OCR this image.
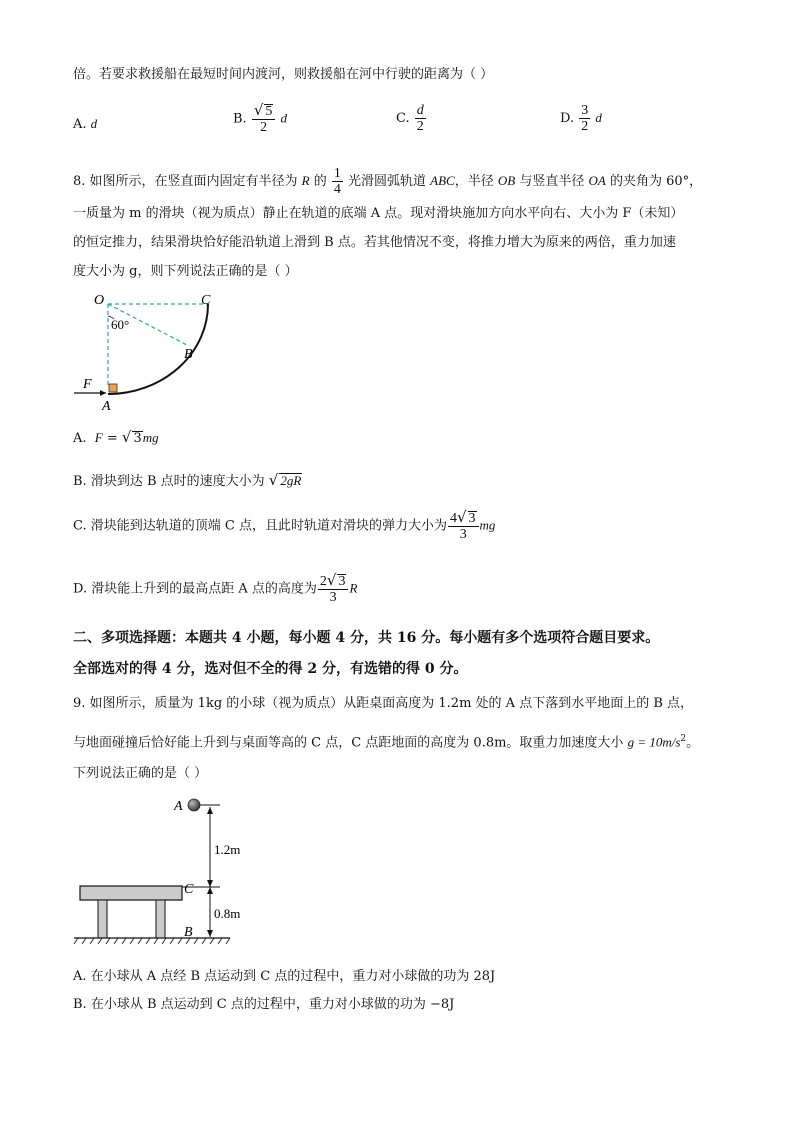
倍。若要求救援船在最短时间内渡河，则救援船在河中行驶的距离为（ ）
A. d	B. $\frac{√ 5}{2}$ d	C. $\frac{d}{2}$	D. $\frac{3}{2}$ d
8. 如图所示，在竖直面内固定有半径为 R 的 $\frac{1}{4}$ 光滑圆弧轨道 ABC，半径 OB 与竖直半径 OA 的夹角为 60°，
一质量为 m 的滑块（视为质点）静止在轨道的底端 A 点。现对滑块施加方向水平向右、大小为 F（未知）
的恒定推力，结果滑块恰好能沿轨道上滑到 B 点。若其他情况不变，将推力增大为原来的两倍，重力加速
度大小为 g，则下列说法正确的是（ ）
O	C
B
A
F
60°
A. F = √ 3mg
B. 滑块到达 B 点时的速度大小为 √ 2gR
C. 滑块能到达轨道的顶端 C 点，且此时轨道对滑块的弹力大小为 $\frac{4√ 3}{3}$ mg
D. 滑块能上升到的最高点距 A 点的高度为 $\frac{2√ 3}{3}$ R
二、多项选择题：本题共 4 小题，每小题 4 分，共 16 分。每小题有多个选项符合题目要求。
全部选对的得 4 分，选对但不全的得 2 分，有选错的得 0 分。
9. 如图所示，质量为 1kg 的小球（视为质点）从距桌面高度为 1.2m 处的 A 点下落到水平地面上的 B 点，
与地面碰撞后恰好能上升到与桌面等高的 C 点，C 点距地面的高度为 0.8m。取重力加速度大小 $g = 10m/s^2$。
下列说法正确的是（ ）
A
C
B
1.2m
0.8m
A. 在小球从 A 点经 B 点运动到 C 点的过程中，重力对小球做的功为 28J
B. 在小球从 B 点运动到 C 点的过程中，重力对小球做的功为 −8J
